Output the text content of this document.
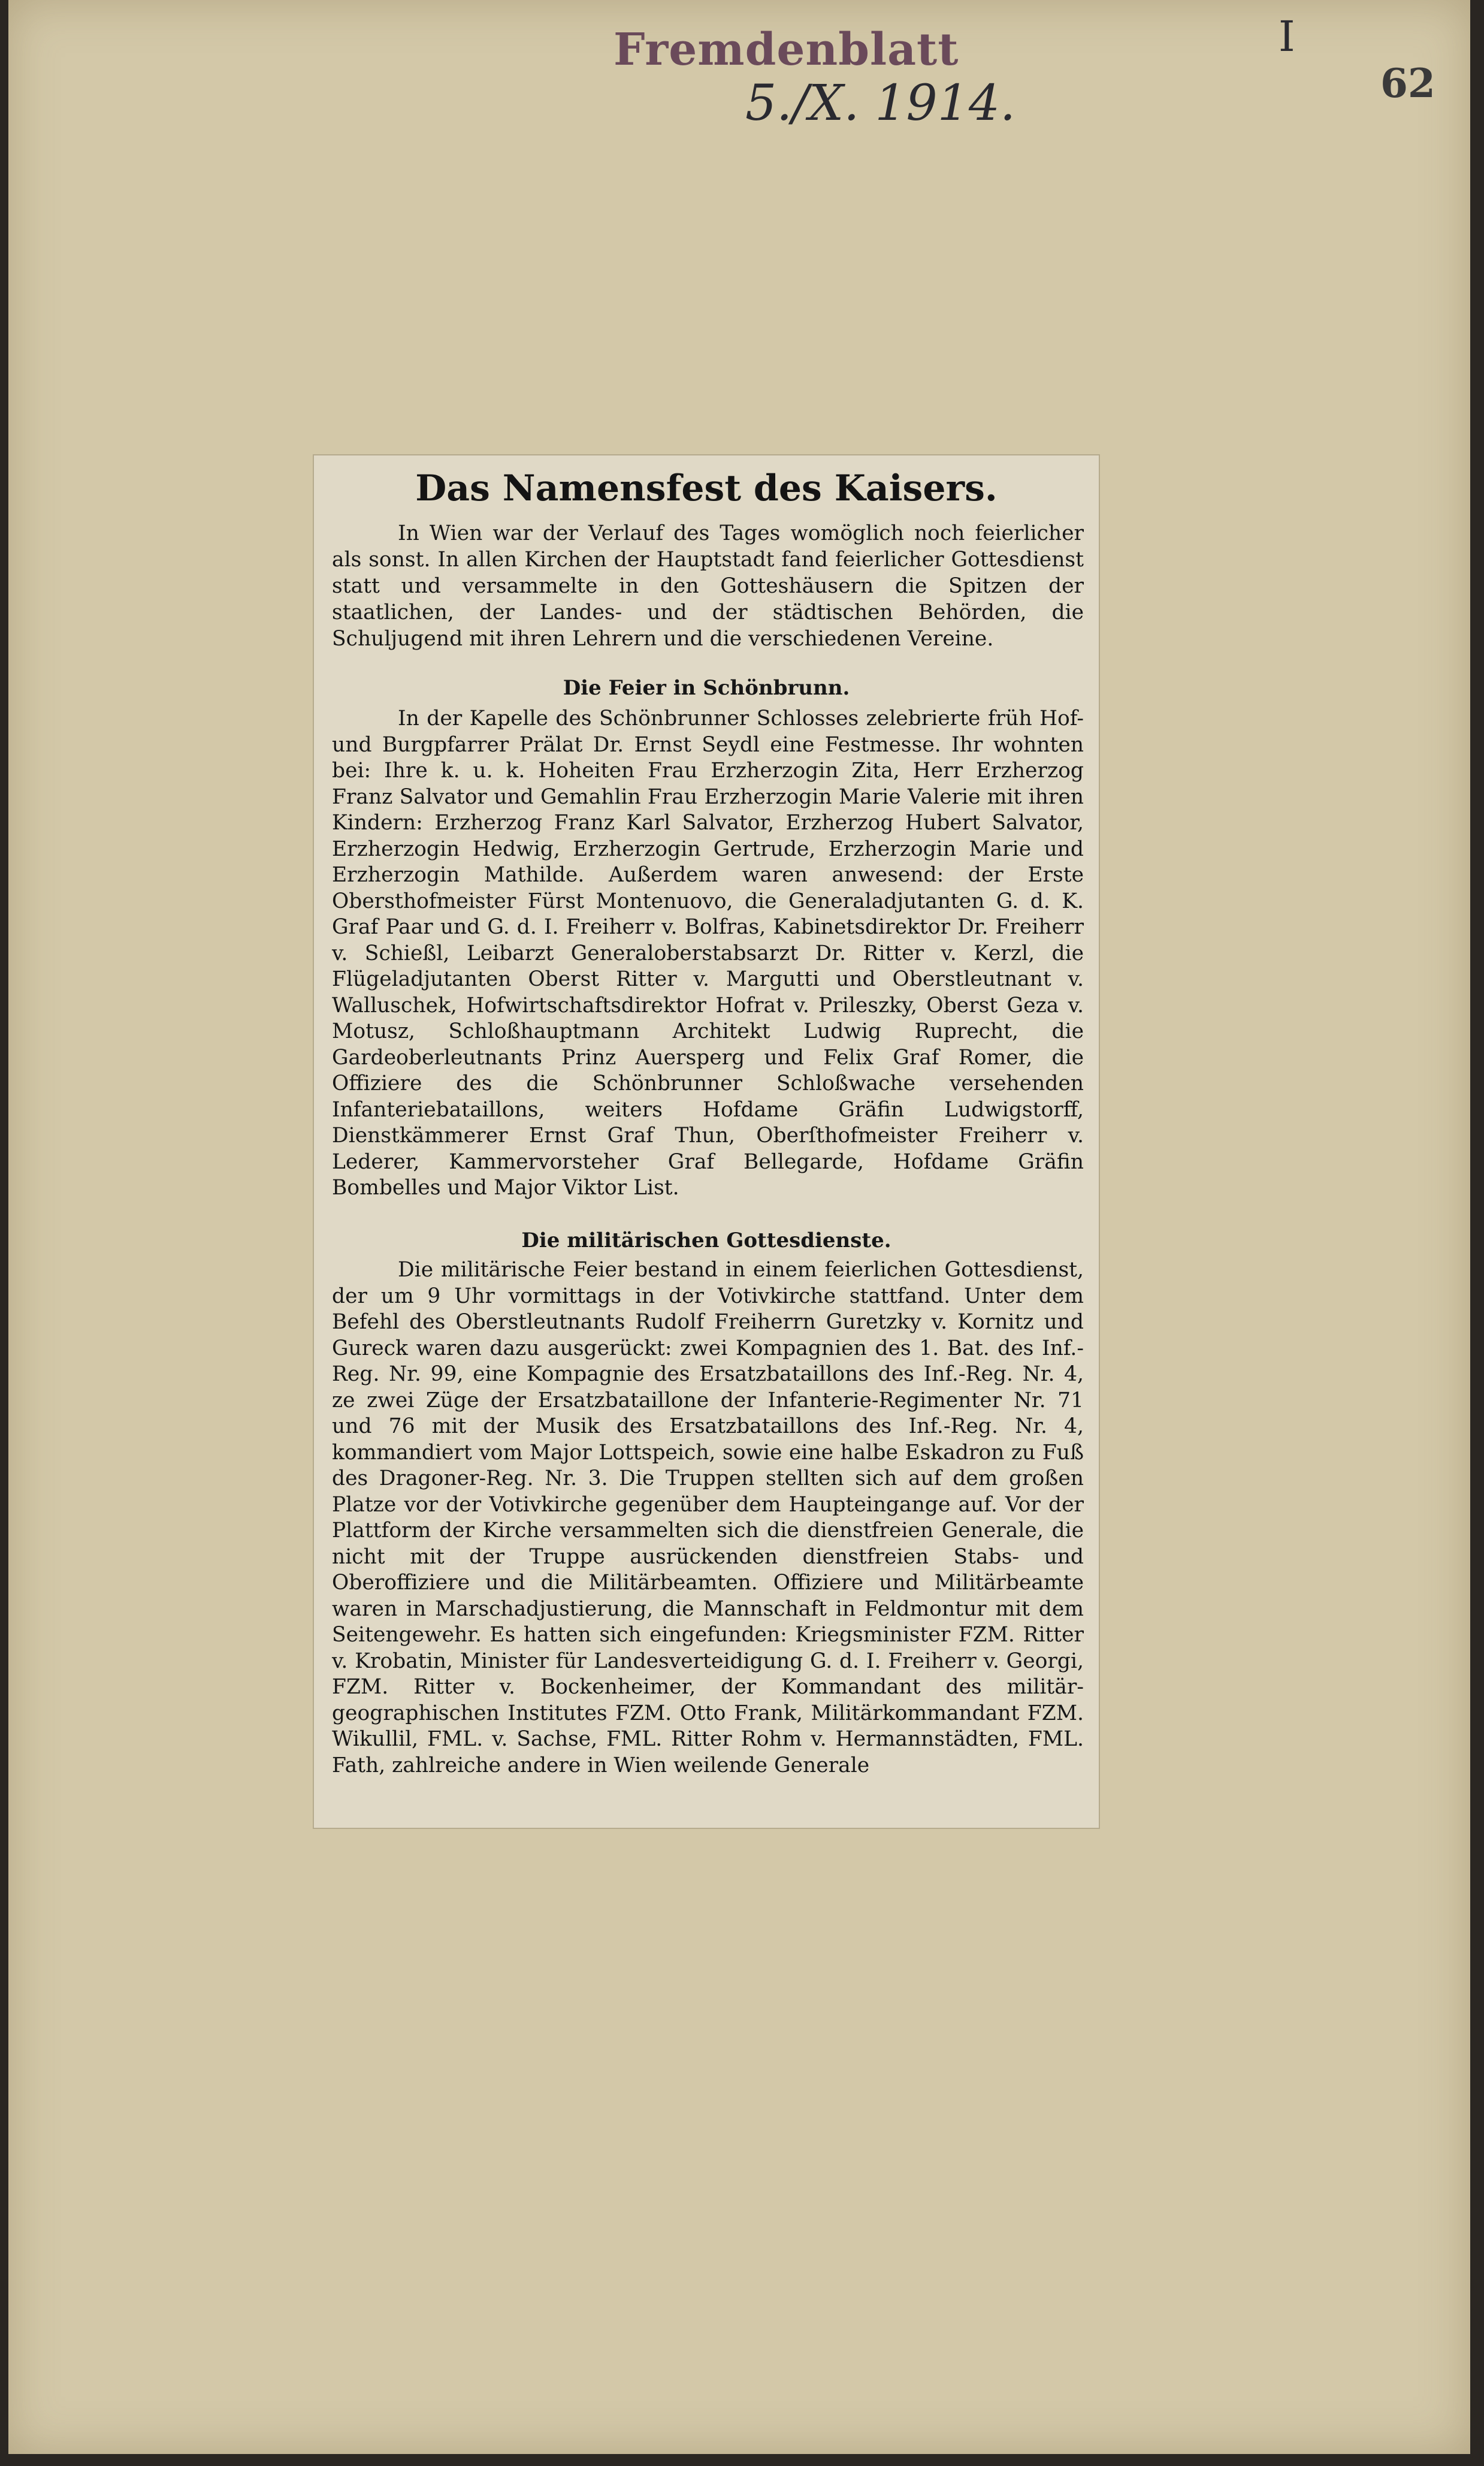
Fremdenblatt
5./X. 1914.
I
62
Das Namensfest des Kaisers.

In Wien war der Verlauf des Tages womöglich noch feierlicher als sonst. In allen Kirchen der Hauptstadt fand feierlicher Gottesdienst statt und versammelte in den Gotteshäusern die Spitzen der staatlichen, der Landes- und der städtischen Behörden, die Schuljugend mit ihren Lehrern und die verschiedenen Vereine.

Die Feier in Schönbrunn.

In der Kapelle des Schönbrunner Schlosses zelebrierte früh Hof- und Burgpfarrer Prälat Dr. Ernst Seydl eine Festmesse. Ihr wohnten bei: Ihre k. u. k. Hoheiten Frau Erzherzogin Zita, Herr Erzherzog Franz Salvator und Gemahlin Frau Erzherzogin Marie Valerie mit ihren Kindern: Erzherzog Franz Karl Salvator, Erzherzog Hubert Salvator, Erzherzogin Hedwig, Erzherzogin Gertrude, Erzherzogin Marie und Erzherzogin Mathilde. Außerdem waren anwesend: der Erste Obersthofmeister Fürst Montenuovo, die Generaladjutanten G. d. K. Graf Paar und G. d. I. Freiherr v. Bolfras, Kabinetsdirektor Dr. Freiherr v. Schießl, Leibarzt Generaloberstabsarzt Dr. Ritter v. Kerzl, die Flügeladjutanten Oberst Ritter v. Margutti und Oberstleutnant v. Walluschek, Hofwirtschaftsdirektor Hofrat v. Prileszky, Oberst Geza v. Motusz, Schloßhauptmann Architekt Ludwig Ruprecht, die Gardeoberleutnants Prinz Auersperg und Felix Graf Romer, die Offiziere des die Schönbrunner Schloßwache versehenden Infanteriebataillons, weiters Hofdame Gräfin Ludwigstorff, Dienstkämmerer Ernst Graf Thun, Oberſthofmeister Freiherr v. Lederer, Kammervorsteher Graf Bellegarde, Hofdame Gräfin Bombelles und Major Viktor List.

Die militärischen Gottesdienste.

Die militärische Feier bestand in einem feierlichen Gottesdienst, der um 9 Uhr vormittags in der Votivkirche stattfand. Unter dem Befehl des Oberstleutnants Rudolf Freiherrn Guretzky v. Kornitz und Gureck waren dazu ausgerückt: zwei Kompagnien des 1. Bat. des Inf.-Reg. Nr. 99, eine Kompagnie des Ersatzbataillons des Inf.-Reg. Nr. 4, ze zwei Züge der Ersatzbataillone der Infanterie-Regimenter Nr. 71 und 76 mit der Musik des Ersatzbataillons des Inf.-Reg. Nr. 4, kommandiert vom Major Lottspeich, sowie eine halbe Eskadron zu Fuß des Dragoner-Reg. Nr. 3. Die Truppen stellten sich auf dem großen Platze vor der Votivkirche gegenüber dem Haupteingange auf. Vor der Plattform der Kirche versammelten sich die dienstfreien Generale, die nicht mit der Truppe ausrückenden dienstfreien Stabs- und Oberoffiziere und die Militärbeamten. Offiziere und Militärbeamte waren in Marschadjustierung, die Mannschaft in Feldmontur mit dem Seitengewehr. Es hatten sich eingefunden: Kriegsminister FZM. Ritter v. Krobatin, Minister für Landesverteidigung G. d. I. Freiherr v. Georgi, FZM. Ritter v. Bockenheimer, der Kommandant des militär-geographischen Institutes FZM. Otto Frank, Militärkommandant FZM. Wikullil, FML. v. Sachse, FML. Ritter Rohm v. Hermannstädten, FML. Fath, zahlreiche andere in Wien weilende Generale
